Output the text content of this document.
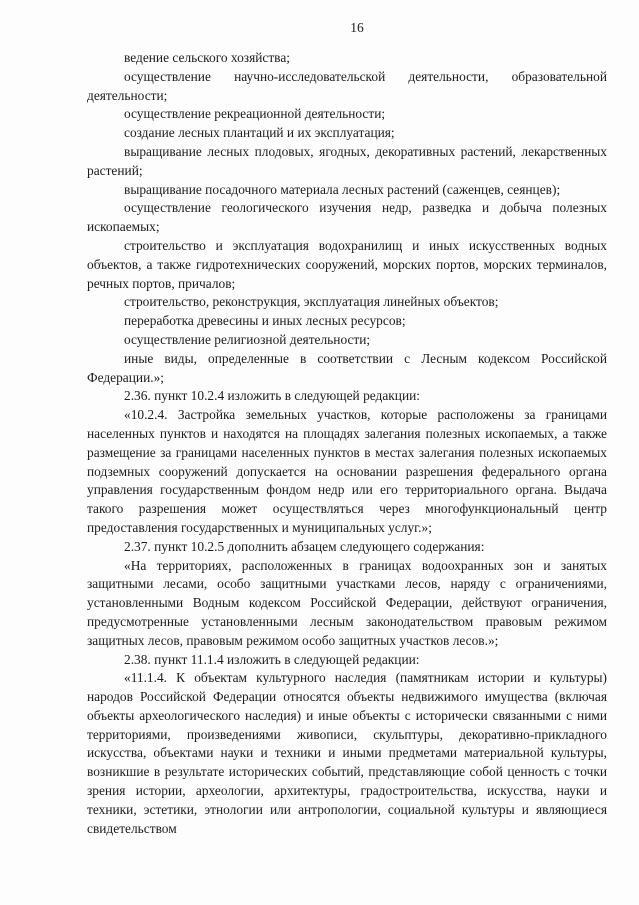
16

ведение сельского хозяйства;

осуществление научно-исследовательской деятельности, образовательной деятельности;

осуществление рекреационной деятельности;

создание лесных плантаций и их эксплуатация;

выращивание лесных плодовых, ягодных, декоративных растений, лекарственных растений;

выращивание посадочного материала лесных растений (саженцев, сеянцев);

осуществление геологического изучения недр, разведка и добыча полезных ископаемых;

строительство и эксплуатация водохранилищ и иных искусственных водных объектов, а также гидротехнических сооружений, морских портов, морских терминалов, речных портов, причалов;

строительство, реконструкция, эксплуатация линейных объектов;

переработка древесины и иных лесных ресурсов;

осуществление религиозной деятельности;

иные виды, определенные в соответствии с Лесным кодексом Российской Федерации.»;

2.36. пункт 10.2.4 изложить в следующей редакции:

«10.2.4. Застройка земельных участков, которые расположены за границами населенных пунктов и находятся на площадях залегания полезных ископаемых, а также размещение за границами населенных пунктов в местах залегания полезных ископаемых подземных сооружений допускается на основании разрешения федерального органа управления государственным фондом недр или его территориального органа. Выдача такого разрешения может осуществляться через многофункциональный центр предоставления государственных и муниципальных услуг.»;

2.37. пункт 10.2.5 дополнить абзацем следующего содержания:

«На территориях, расположенных в границах водоохранных зон и занятых защитными лесами, особо защитными участками лесов, наряду с ограничениями, установленными Водным кодексом Российской Федерации, действуют ограничения, предусмотренные установленными лесным законодательством правовым режимом защитных лесов, правовым режимом особо защитных участков лесов.»;

2.38. пункт 11.1.4 изложить в следующей редакции:

«11.1.4. К объектам культурного наследия (памятникам истории и культуры) народов Российской Федерации относятся объекты недвижимого имущества (включая объекты археологического наследия) и иные объекты с исторически связанными с ними территориями, произведениями живописи, скульптуры, декоративно-прикладного искусства, объектами науки и техники и иными предметами материальной культуры, возникшие в результате исторических событий, представляющие собой ценность с точки зрения истории, археологии, архитектуры, градостроительства, искусства, науки и техники, эстетики, этнологии или антропологии, социальной культуры и являющиеся свидетельством
